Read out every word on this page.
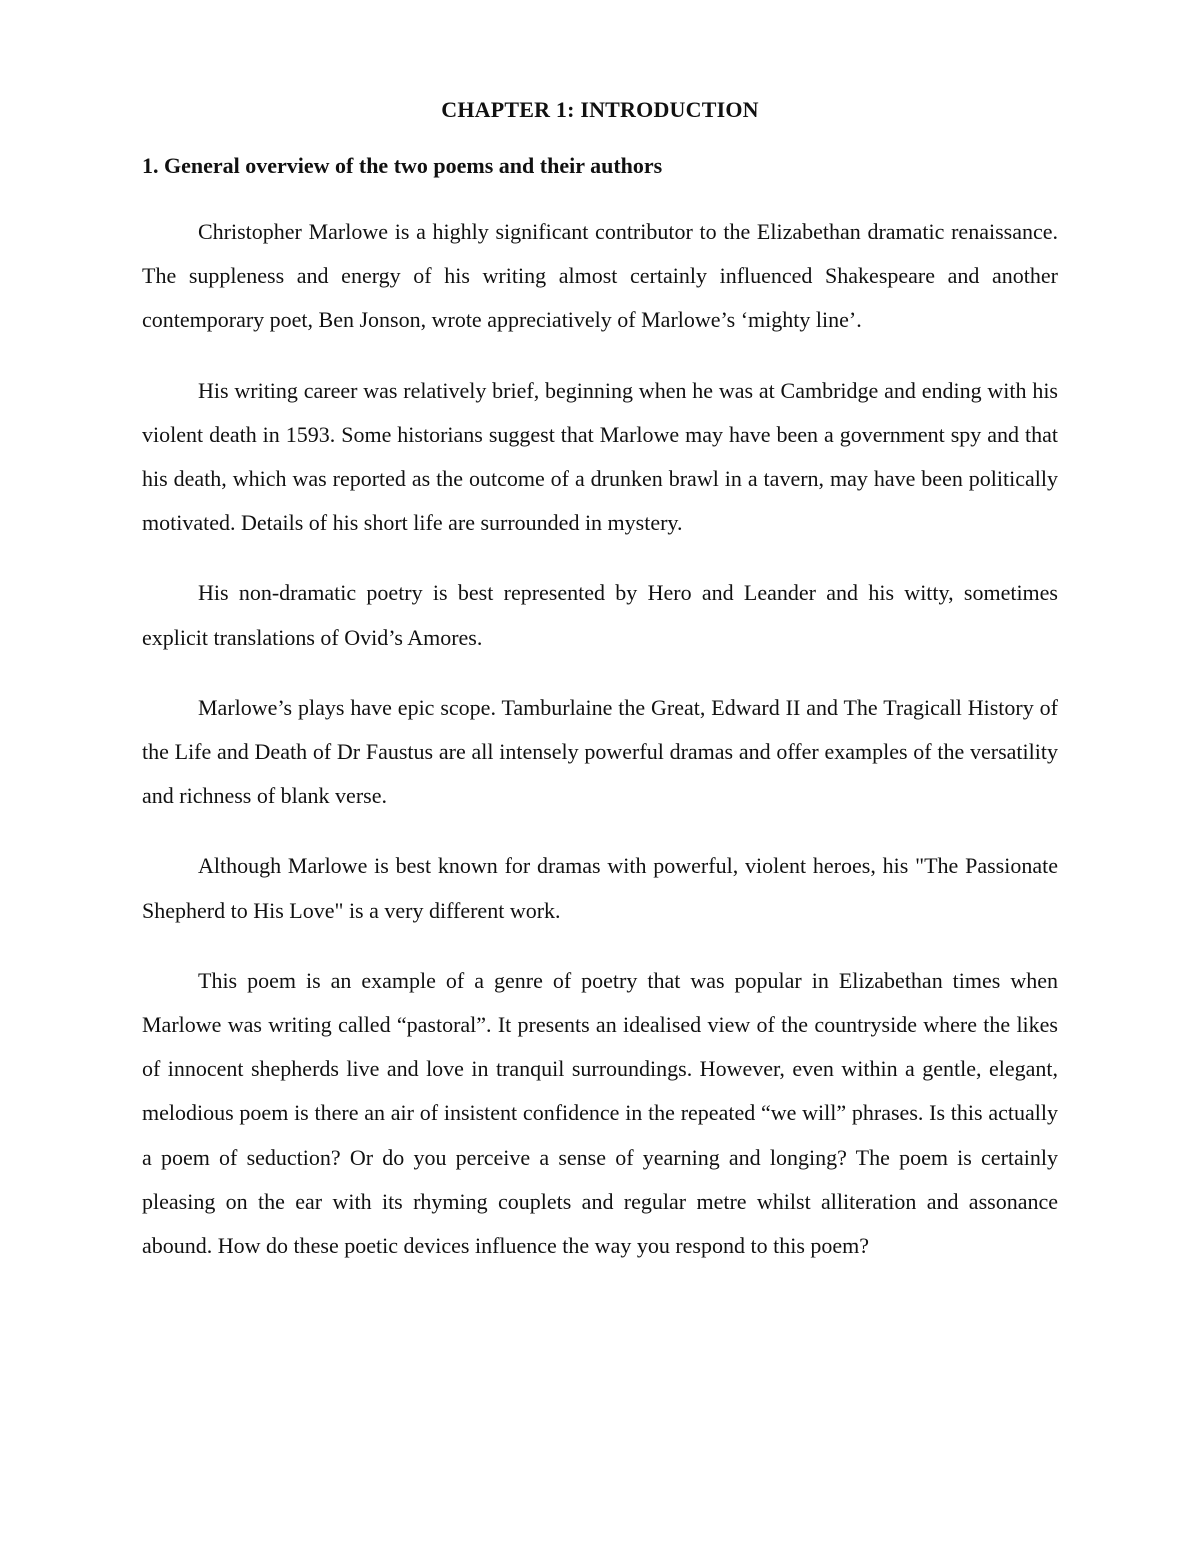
CHAPTER 1: INTRODUCTION
1. General overview of the two poems and their authors

Christopher Marlowe is a highly significant contributor to the Elizabethan dramatic renaissance. The suppleness and energy of his writing almost certainly influenced Shakespeare and another contemporary poet, Ben Jonson, wrote appreciatively of Marlowe’s ‘mighty line’.

His writing career was relatively brief, beginning when he was at Cambridge and ending with his violent death in 1593. Some historians suggest that Marlowe may have been a government spy and that his death, which was reported as the outcome of a drunken brawl in a tavern, may have been politically motivated. Details of his short life are surrounded in mystery.

His non-dramatic poetry is best represented by Hero and Leander and his witty, sometimes explicit translations of Ovid’s Amores.

Marlowe’s plays have epic scope. Tamburlaine the Great, Edward II and The Tragicall History of the Life and Death of Dr Faustus are all intensely powerful dramas and offer examples of the versatility and richness of blank verse.

Although Marlowe is best known for dramas with powerful, violent heroes, his "The Passionate Shepherd to His Love" is a very different work.

This poem is an example of a genre of poetry that was popular in Elizabethan times when Marlowe was writing called “pastoral”. It presents an idealised view of the countryside where the likes of innocent shepherds live and love in tranquil surroundings. However, even within a gentle, elegant, melodious poem is there an air of insistent confidence in the repeated “we will” phrases. Is this actually a poem of seduction? Or do you perceive a sense of yearning and longing? The poem is certainly pleasing on the ear with its rhyming couplets and regular metre whilst alliteration and assonance abound. How do these poetic devices influence the way you respond to this poem?
